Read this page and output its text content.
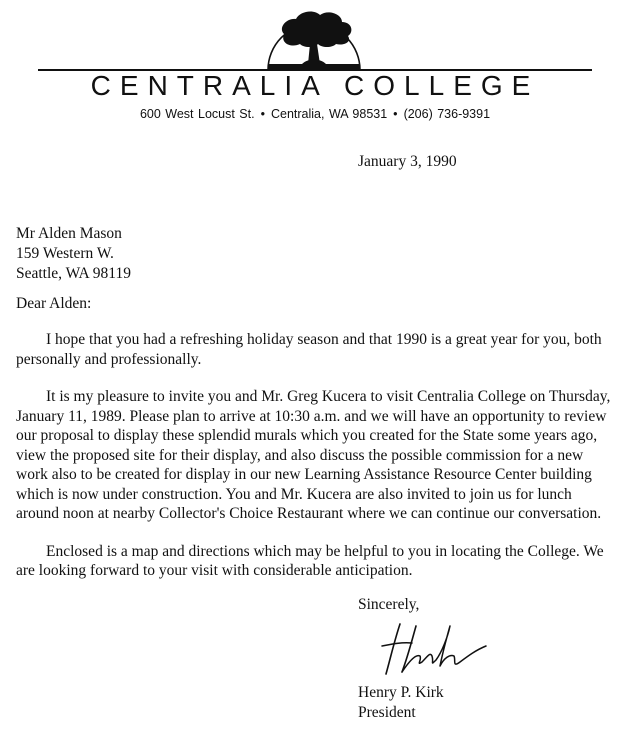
CENTRALIA COLLEGE
600 West Locust St. • Centralia, WA 98531 • (206) 736-9391
January 3, 1990
Mr Alden Mason
159 Western W.
Seattle, WA 98119
Dear Alden:

I hope that you had a refreshing holiday season and that 1990 is a great year for you, both personally and professionally.

It is my pleasure to invite you and Mr. Greg Kucera to visit Centralia College on Thursday, January 11, 1989. Please plan to arrive at 10:30 a.m. and we will have an opportunity to review our proposal to display these splendid murals which you created for the State some years ago, view the proposed site for their display, and also discuss the possible commission for a new work also to be created for display in our new Learning Assistance Resource Center building which is now under construction. You and Mr. Kucera are also invited to join us for lunch around noon at nearby Collector's Choice Restaurant where we can continue our conversation.

Enclosed is a map and directions which may be helpful to you in locating the College. We are looking forward to your visit with considerable anticipation.

Sincerely,
Henry P. Kirk
President
